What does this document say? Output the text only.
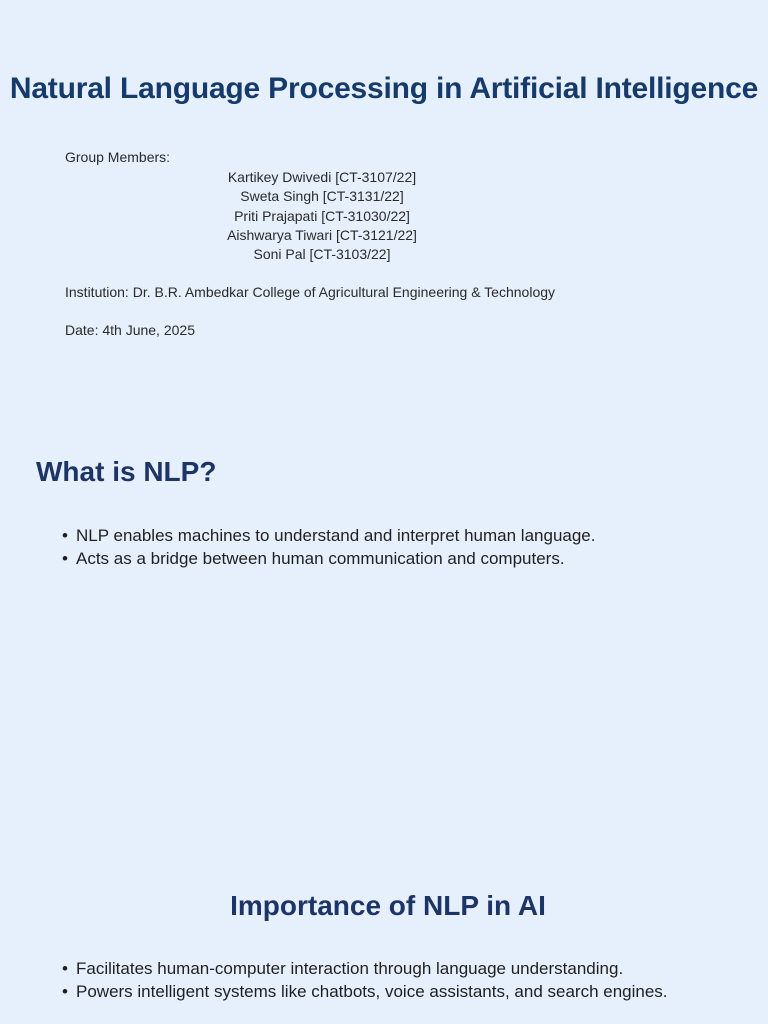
Natural Language Processing in Artificial Intelligence
Group Members:
Kartikey Dwivedi [CT-3107/22]
Sweta Singh [CT-3131/22]
Priti Prajapati [CT-31030/22]
Aishwarya Tiwari [CT-3121/22]
Soni Pal [CT-3103/22]
Institution: Dr. B.R. Ambedkar College of Agricultural Engineering & Technology
Date: 4th June, 2025
What is NLP?
• NLP enables machines to understand and interpret human language.
• Acts as a bridge between human communication and computers.
Importance of NLP in AI
• Facilitates human-computer interaction through language understanding.
• Powers intelligent systems like chatbots, voice assistants, and search engines.
